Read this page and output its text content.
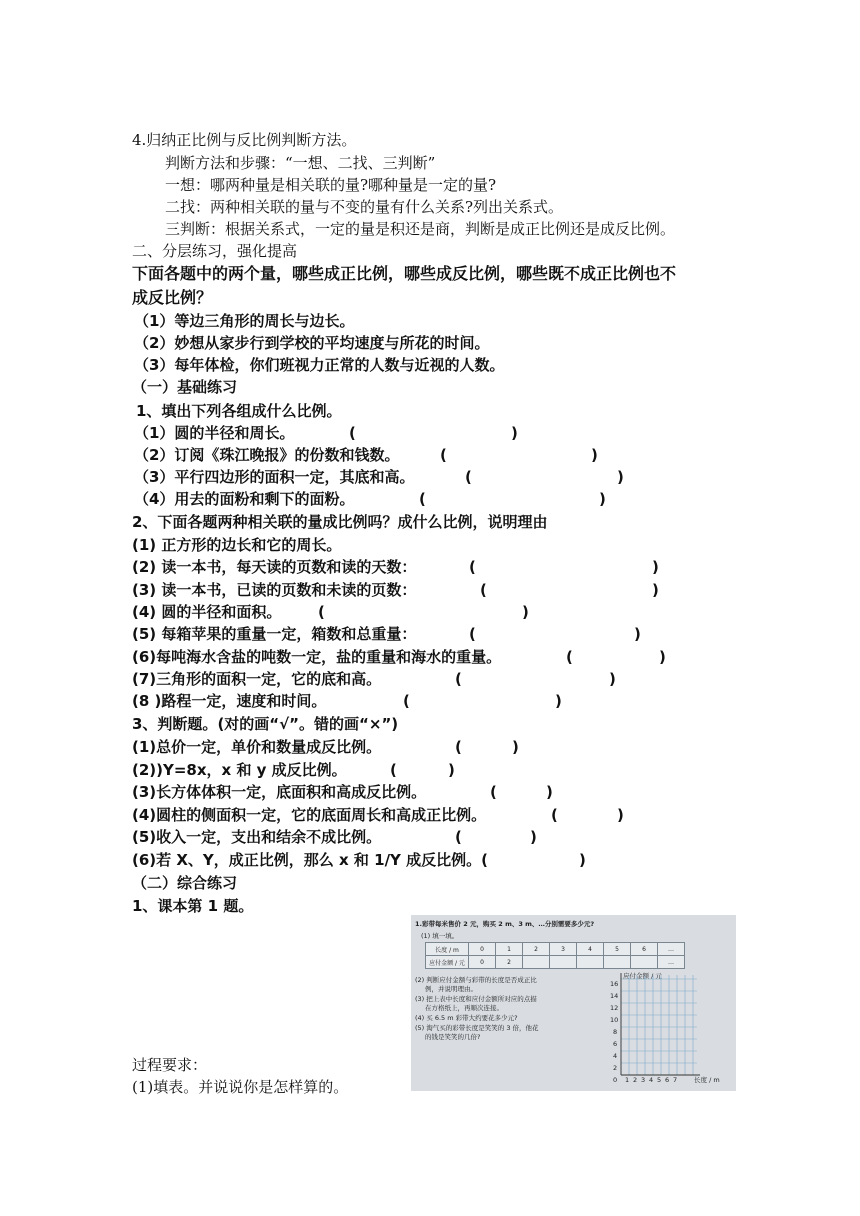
4.归纳正比例与反比例判断方法。
判断方法和步骤：“一想、二找、三判断”
一想：哪两种量是相关联的量?哪种量是一定的量?
二找：两种相关联的量与不变的量有什么关系?列出关系式。
三判断：根据关系式，一定的量是积还是商，判断是成正比例还是成反比例。
二、分层练习，强化提高
下面各题中的两个量，哪些成正比例，哪些成反比例，哪些既不成正比例也不
成反比例？
（1）等边三角形的周长与边长。
（2）妙想从家步行到学校的平均速度与所花的时间。
（3）每年体检，你们班视力正常的人数与近视的人数。
（一）基础练习
1、填出下列各组成什么比例。
（1）圆的半径和周长。	(	)
（2）订阅《珠江晚报》的份数和钱数。	(	)
（3）平行四边形的面积一定，其底和高。	(	)
（4）用去的面粉和剩下的面粉。	(	)
2、下面各题两种相关联的量成比例吗？成什么比例，说明理由
(1) 正方形的边长和它的周长。
(2) 读一本书，每天读的页数和读的天数：	(	)
(3) 读一本书，已读的页数和未读的页数：	(	)
(4) 圆的半径和面积。 (	)
(5) 每箱苹果的重量一定，箱数和总重量：	(	)
(6)每吨海水含盐的吨数一定，盐的重量和海水的重量。	(	)
(7)三角形的面积一定，它的底和高。	(	)
(8 )路程一定，速度和时间。	(	)
3、判断题。(对的画“√”。错的画“×”)
(1)总价一定，单价和数量成反比例。	(	)
(2))Y=8x，x 和 y 成反比例。	(	)
(3)长方体体积一定，底面积和高成反比例。	(	)
(4)圆柱的侧面积一定，它的底面周长和高成正比例。	(	)
(5)收入一定，支出和结余不成比例。	(	)
(6)若 X、Y，成正比例，那么 x 和 1/Y 成反比例。(	)
（二）综合练习
1、课本第 1 题。
过程要求：
(1)填表。并说说你是怎样算的。
1.彩带每米售价 2 元，购买 2 m、3 m、…分别需要多少元?
(1) 填一填。
长度 / m	0	1	2	3	4	5	6	…
应付金额 / 元	0	2						…
(2) 判断应付金额与彩带的长度是否成正比
例，并说明理由。
(3) 把上表中长度和应付金额所对应的点描
在方格纸上，再顺次连接。
(4) 买 6.5 m 彩带大约要花多少元?
(5) 淘气买的彩带长度是笑笑的 3 倍，他花
的钱是笑笑的几倍?
应付金额 / 元
长度 / m
16
14
12
10
8
6
4
2
0 1 2 3 4 5 6 7
